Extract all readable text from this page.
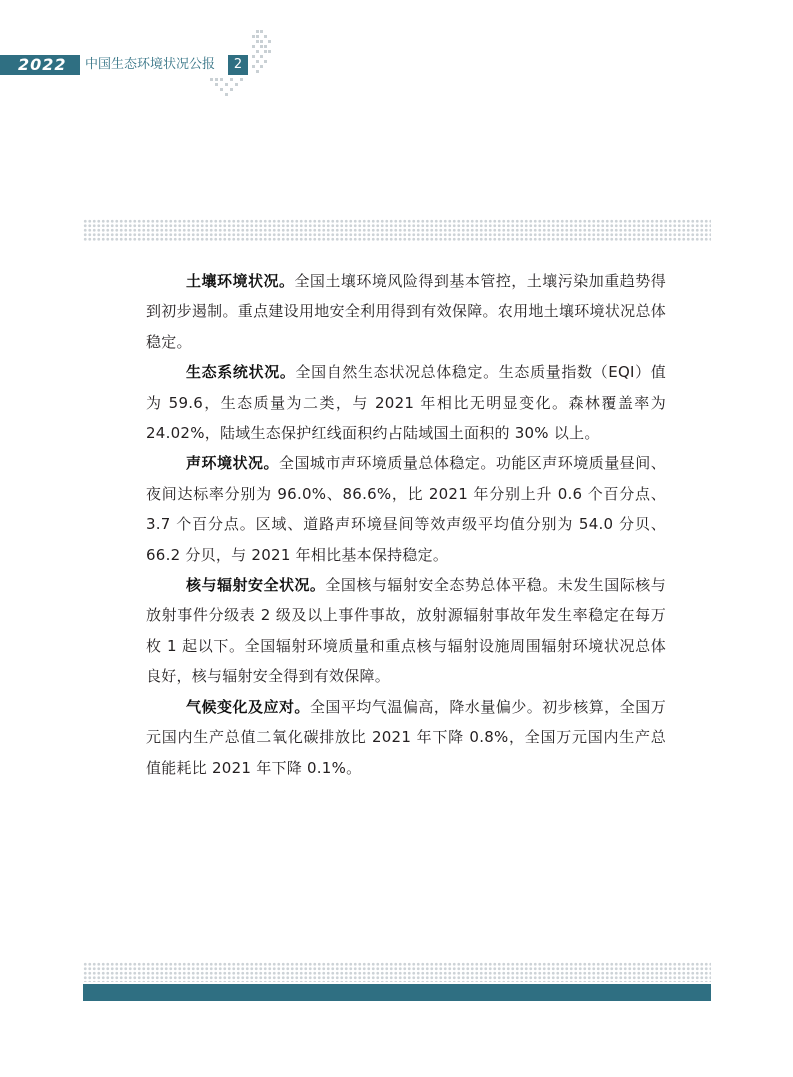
2022 中国生态环境状况公报	2

土壤环境状况。全国土壤环境风险得到基本管控，土壤污染加重趋势得到初步遏制。重点建设用地安全利用得到有效保障。农用地土壤环境状况总体稳定。

生态系统状况。全国自然生态状况总体稳定。生态质量指数（EQI）值为 59.6，生态质量为二类，与 2021 年相比无明显变化。森林覆盖率为 24.02%，陆域生态保护红线面积约占陆域国土面积的 30% 以上。

声环境状况。全国城市声环境质量总体稳定。功能区声环境质量昼间、夜间达标率分别为 96.0%、86.6%，比 2021 年分别上升 0.6 个百分点、3.7 个百分点。区域、道路声环境昼间等效声级平均值分别为 54.0 分贝、66.2 分贝，与 2021 年相比基本保持稳定。

核与辐射安全状况。全国核与辐射安全态势总体平稳。未发生国际核与放射事件分级表 2 级及以上事件事故，放射源辐射事故年发生率稳定在每万枚 1 起以下。全国辐射环境质量和重点核与辐射设施周围辐射环境状况总体良好，核与辐射安全得到有效保障。

气候变化及应对。全国平均气温偏高，降水量偏少。初步核算，全国万元国内生产总值二氧化碳排放比 2021 年下降 0.8%，全国万元国内生产总值能耗比 2021 年下降 0.1%。
